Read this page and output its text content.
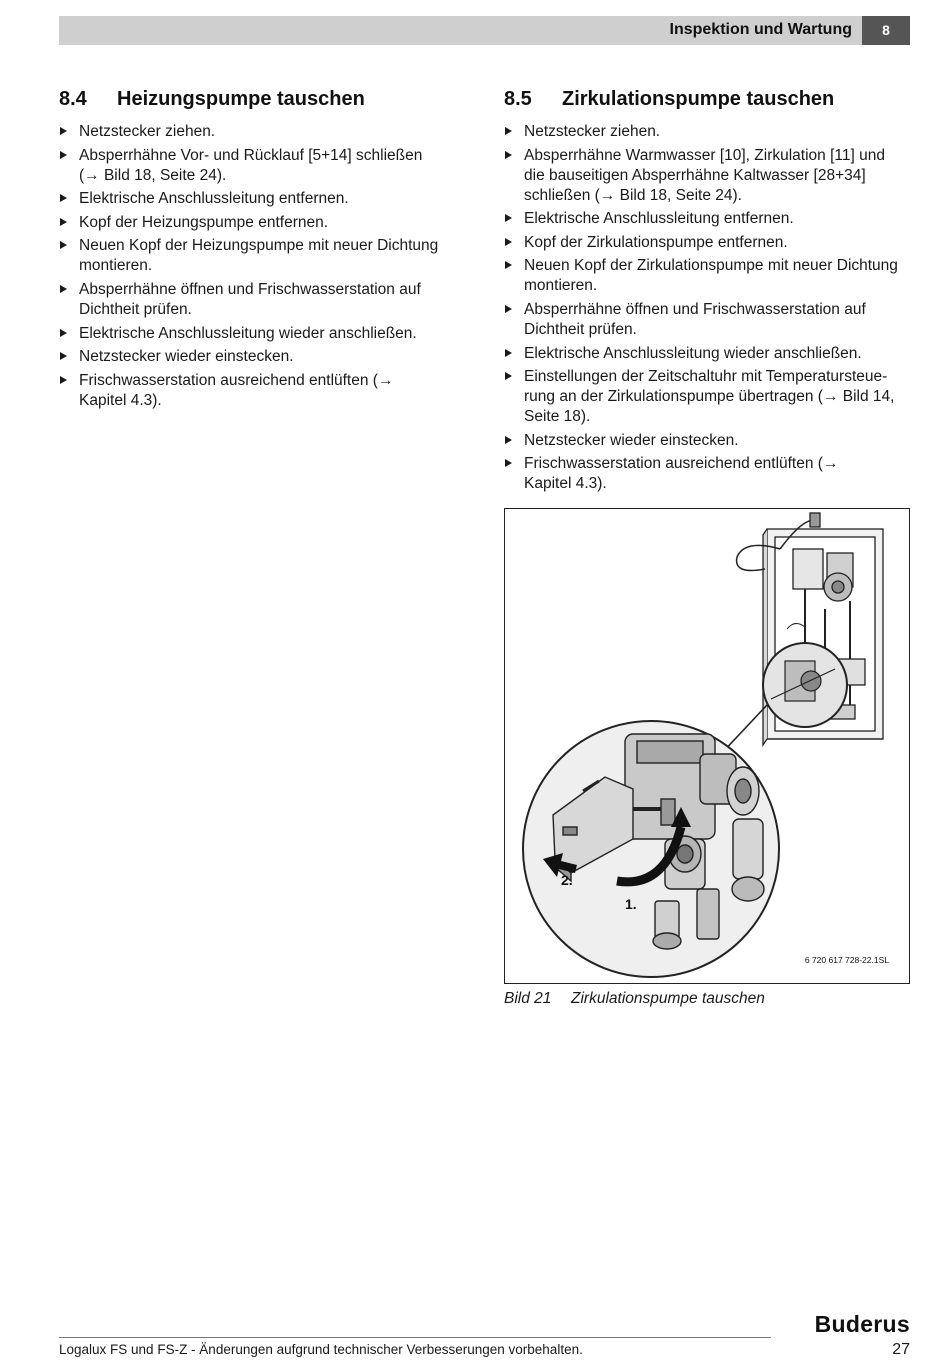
Inspektion und Wartung	8
8.4 Heizungspumpe tauschen
Netzstecker ziehen.
Absperrhähne Vor- und Rücklauf [5+14] schließen
(→ Bild 18, Seite 24).
Elektrische Anschlussleitung entfernen.
Kopf der Heizungspumpe entfernen.
Neuen Kopf der Heizungspumpe mit neuer Dichtung
montieren.
Absperrhähne öffnen und Frischwasserstation auf
Dichtheit prüfen.
Elektrische Anschlussleitung wieder anschließen.
Netzstecker wieder einstecken.
Frischwasserstation ausreichend entlüften (→
Kapitel 4.3).
8.5 Zirkulationspumpe tauschen
Netzstecker ziehen.
Absperrhähne Warmwasser [10], Zirkulation [11] und
die bauseitigen Absperrhähne Kaltwasser [28+34]
schließen (→ Bild 18, Seite 24).
Elektrische Anschlussleitung entfernen.
Kopf der Zirkulationspumpe entfernen.
Neuen Kopf der Zirkulationspumpe mit neuer Dichtung
montieren.
Absperrhähne öffnen und Frischwasserstation auf
Dichtheit prüfen.
Elektrische Anschlussleitung wieder anschließen.
Einstellungen der Zeitschaltuhr mit Temperatursteue-
rung an der Zirkulationspumpe übertragen (→ Bild 14,
Seite 18).
Netzstecker wieder einstecken.
Frischwasserstation ausreichend entlüften (→
Kapitel 4.3).
2.
1.
6 720 617 728-22.1SL
Bild 21 Zirkulationspumpe tauschen
Buderus
Logalux FS und FS-Z - Änderungen aufgrund technischer Verbesserungen vorbehalten.	27
